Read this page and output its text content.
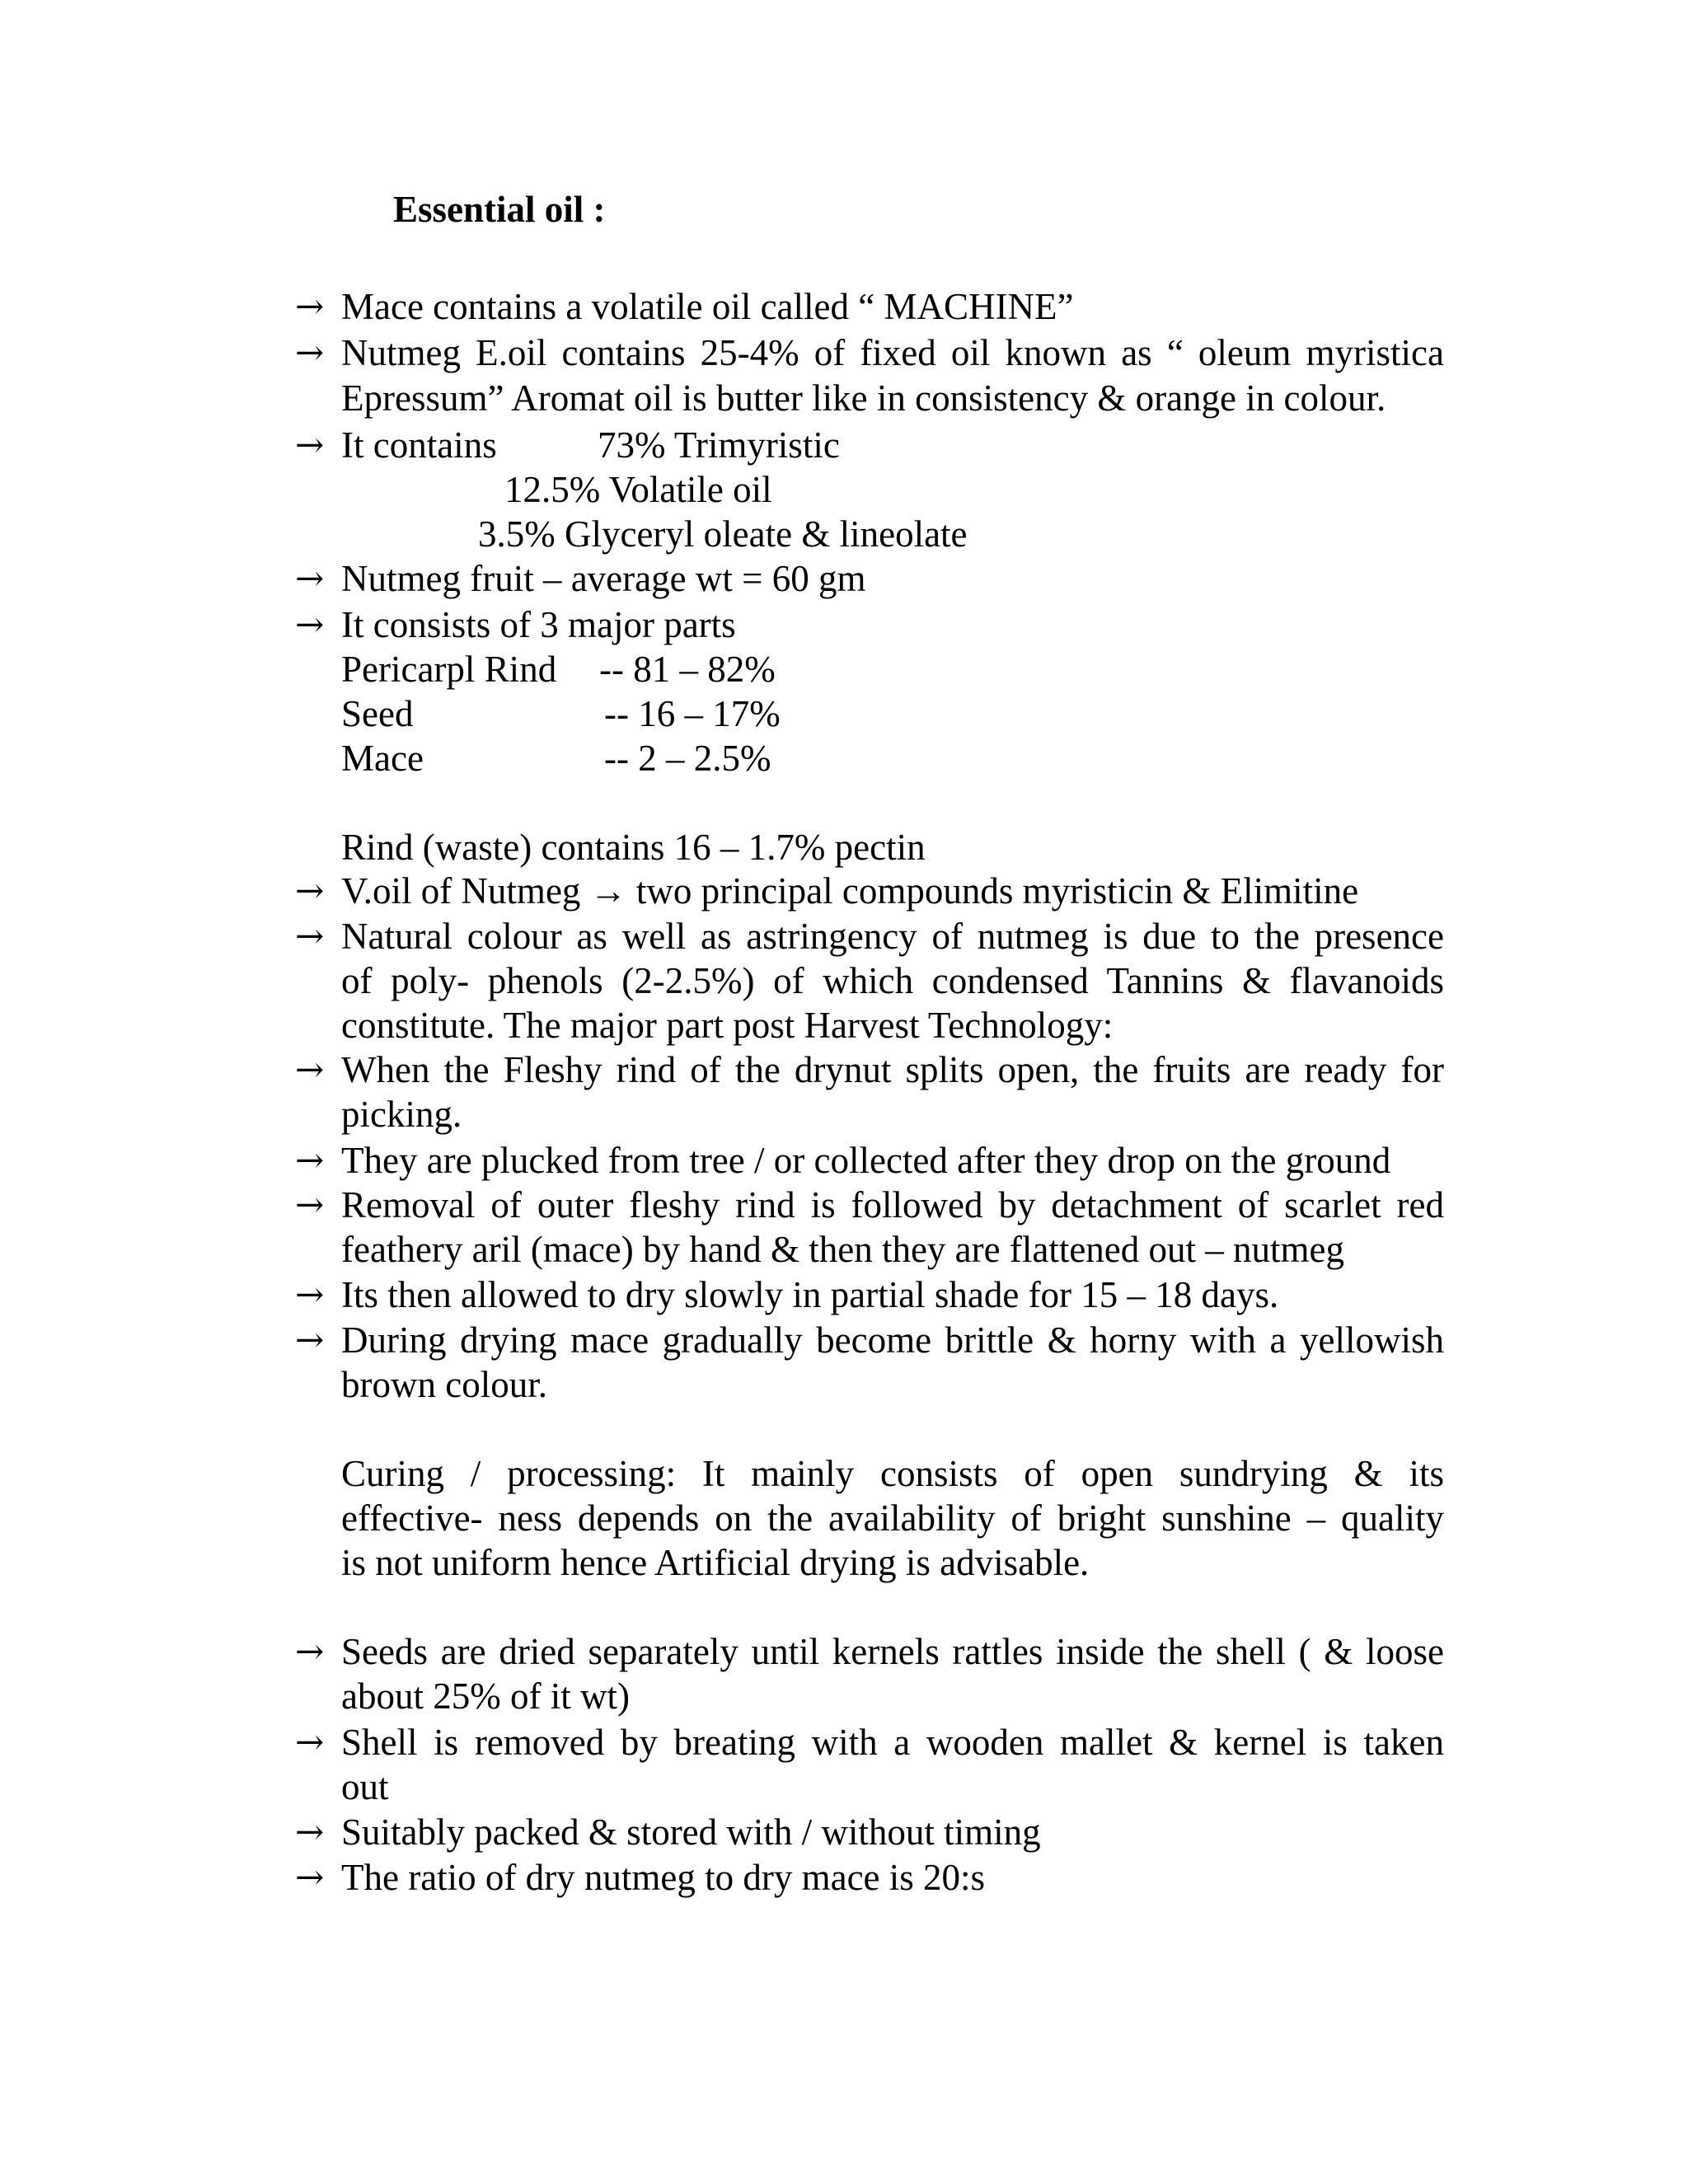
Essential oil :
→ Mace contains a volatile oil called “ MACHINE”
→ Nutmeg E.oil contains 25-4% of fixed oil known as “ oleum myristica
Epressum” Aromat oil is butter like in consistency & orange in colour.
→ It contains	73% Trimyristic
12.5% Volatile oil
3.5% Glyceryl oleate & lineolate
→ Nutmeg fruit – average wt = 60 gm
→ It consists of 3 major parts
Pericarpl Rind -- 81 – 82%
Seed	-- 16 – 17%
Mace	-- 2 – 2.5%
Rind (waste) contains 16 – 1.7% pectin
→ V.oil of Nutmeg → two principal compounds myristicin & Elimitine
→ Natural colour as well as astringency of nutmeg is due to the presence
of poly- phenols (2-2.5%) of which condensed Tannins & flavanoids
constitute. The major part post Harvest Technology:
→ When the Fleshy rind of the drynut splits open, the fruits are ready for
picking.
→ They are plucked from tree / or collected after they drop on the ground
→ Removal of outer fleshy rind is followed by detachment of scarlet red
feathery aril (mace) by hand & then they are flattened out – nutmeg
→ Its then allowed to dry slowly in partial shade for 15 – 18 days.
→ During drying mace gradually become brittle & horny with a yellowish
brown colour.
Curing / processing: It mainly consists of open sundrying & its
effective- ness depends on the availability of bright sunshine – quality
is not uniform hence Artificial drying is advisable.
→ Seeds are dried separately until kernels rattles inside the shell ( & loose
about 25% of it wt)
→ Shell is removed by breating with a wooden mallet & kernel is taken
out
→ Suitably packed & stored with / without timing
→ The ratio of dry nutmeg to dry mace is 20:s
